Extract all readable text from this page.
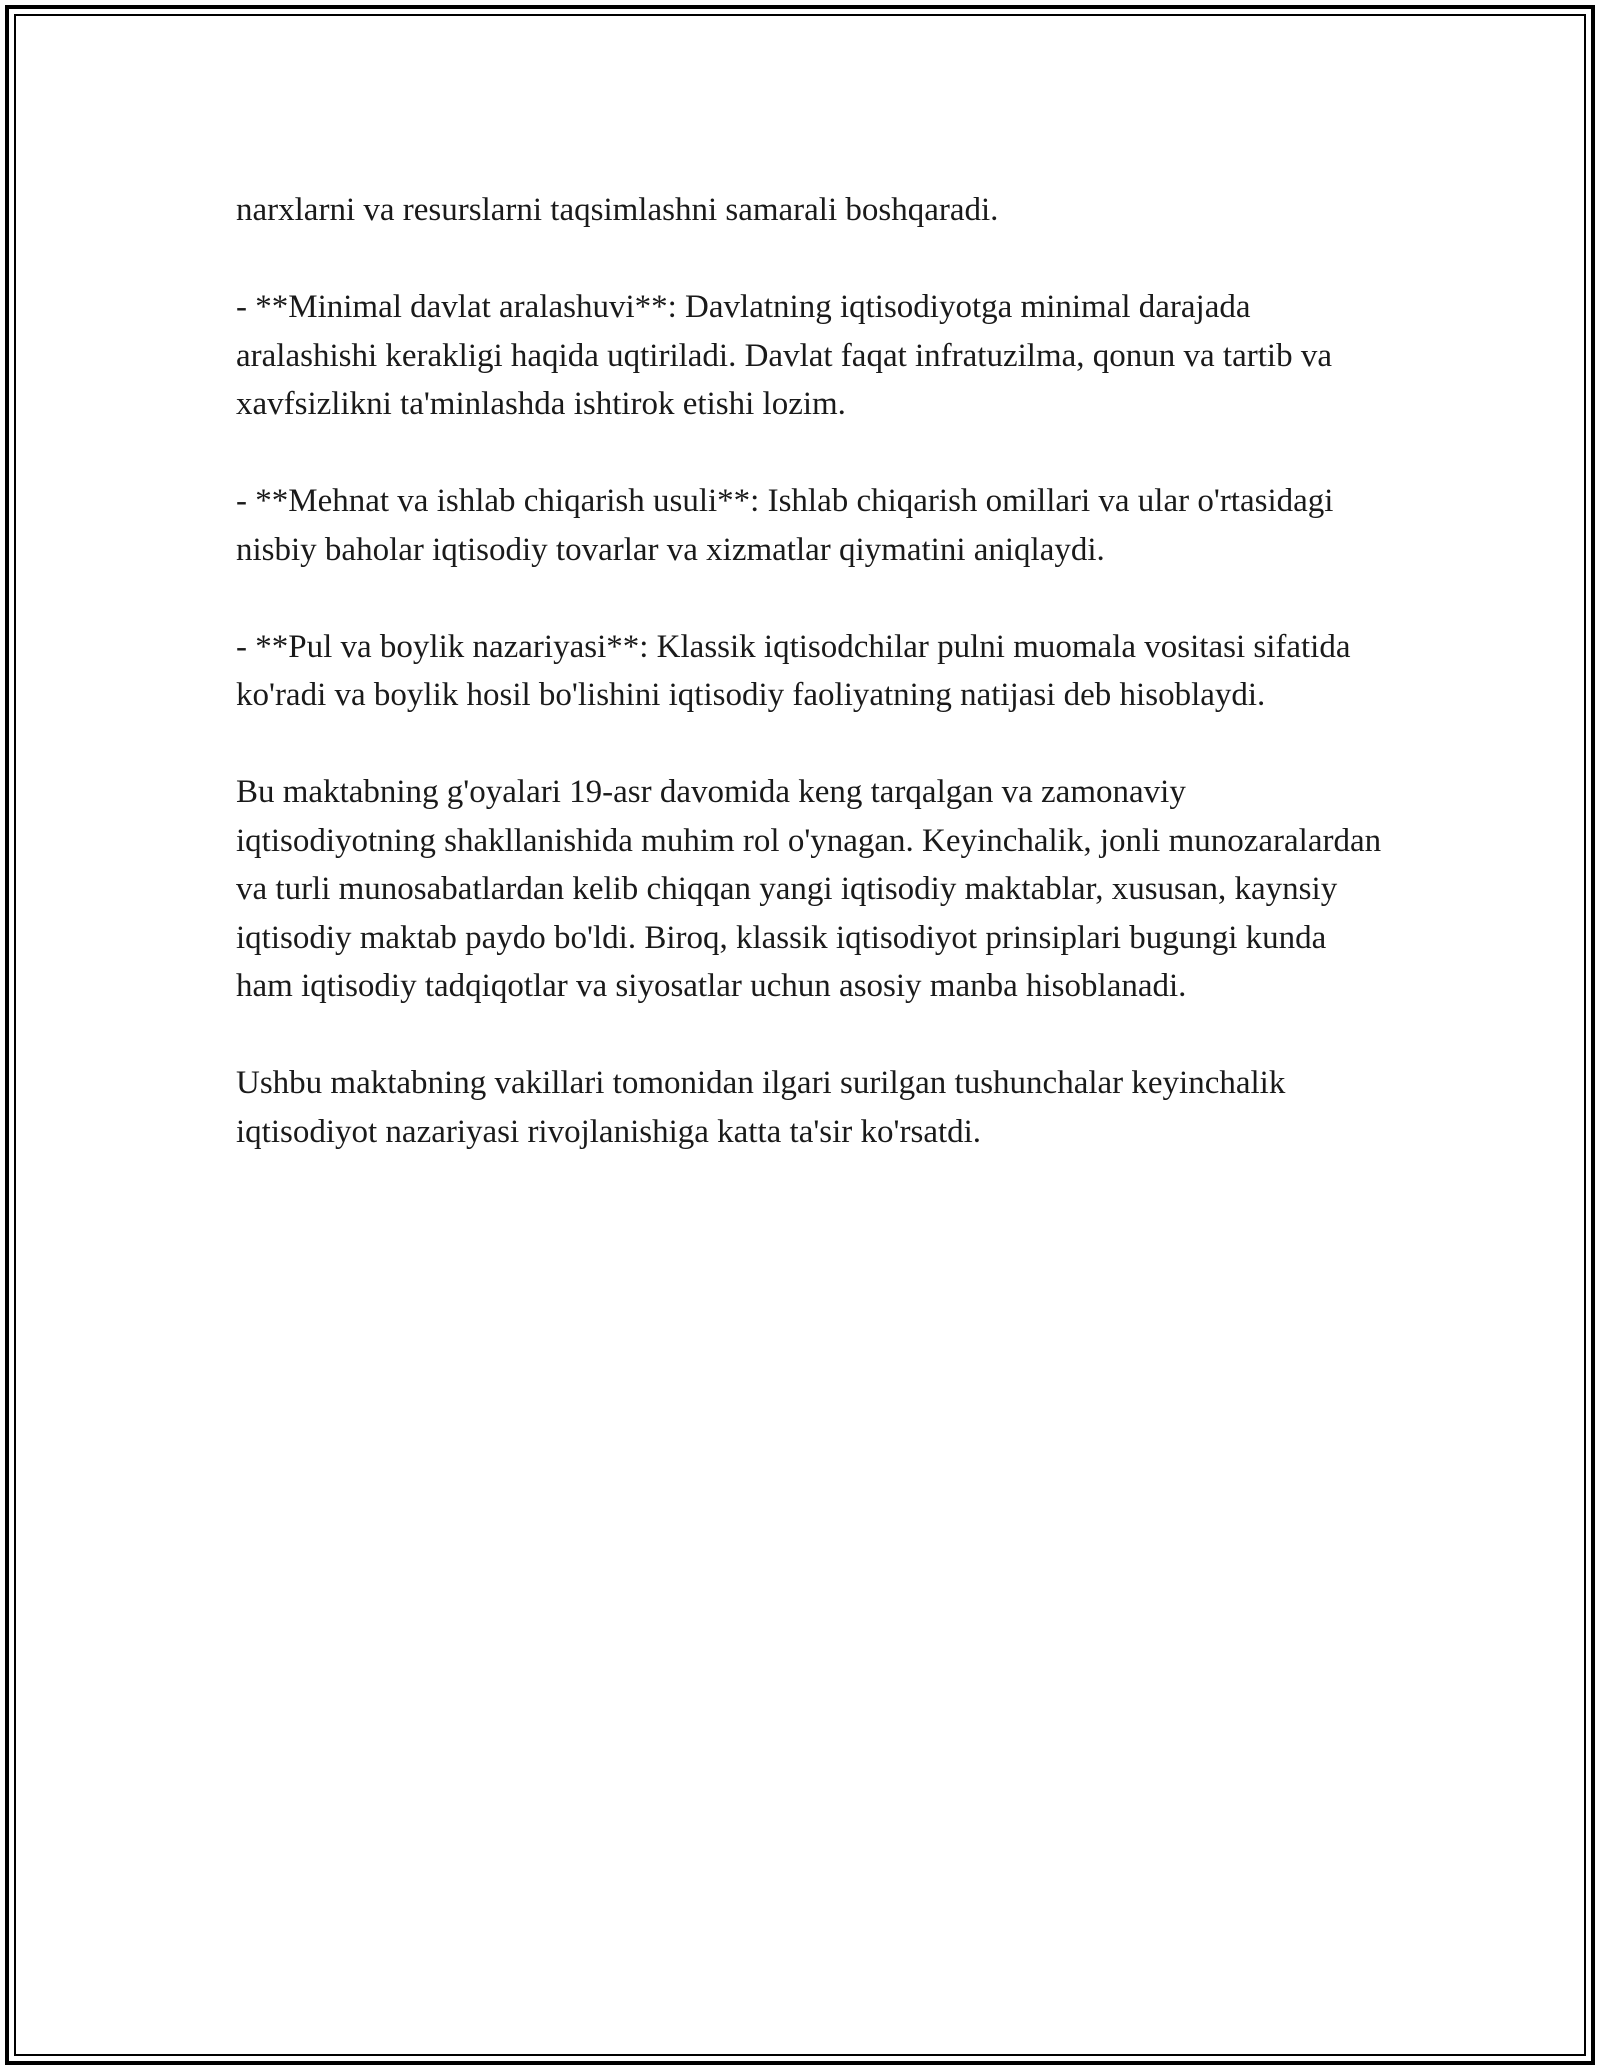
narxlarni va resurslarni taqsimlashni samarali boshqaradi.

- **Minimal davlat aralashuvi**: Davlatning iqtisodiyotga minimal darajada aralashishi kerakligi haqida uqtiriladi. Davlat faqat infratuzilma, qonun va tartib va xavfsizlikni ta'minlashda ishtirok etishi lozim.

- **Mehnat va ishlab chiqarish usuli**: Ishlab chiqarish omillari va ular o'rtasidagi nisbiy baholar iqtisodiy tovarlar va xizmatlar qiymatini aniqlaydi.

- **Pul va boylik nazariyasi**: Klassik iqtisodchilar pulni muomala vositasi sifatida ko'radi va boylik hosil bo'lishini iqtisodiy faoliyatning natijasi deb hisoblaydi.

Bu maktabning g'oyalari 19-asr davomida keng tarqalgan va zamonaviy iqtisodiyotning shakllanishida muhim rol o'ynagan. Keyinchalik, jonli munozaralardan va turli munosabatlardan kelib chiqqan yangi iqtisodiy maktablar, xususan, kaynsiy iqtisodiy maktab paydo bo'ldi. Biroq, klassik iqtisodiyot prinsiplari bugungi kunda ham iqtisodiy tadqiqotlar va siyosatlar uchun asosiy manba hisoblanadi.

Ushbu maktabning vakillari tomonidan ilgari surilgan tushunchalar keyinchalik iqtisodiyot nazariyasi rivojlanishiga katta ta'sir ko'rsatdi.
